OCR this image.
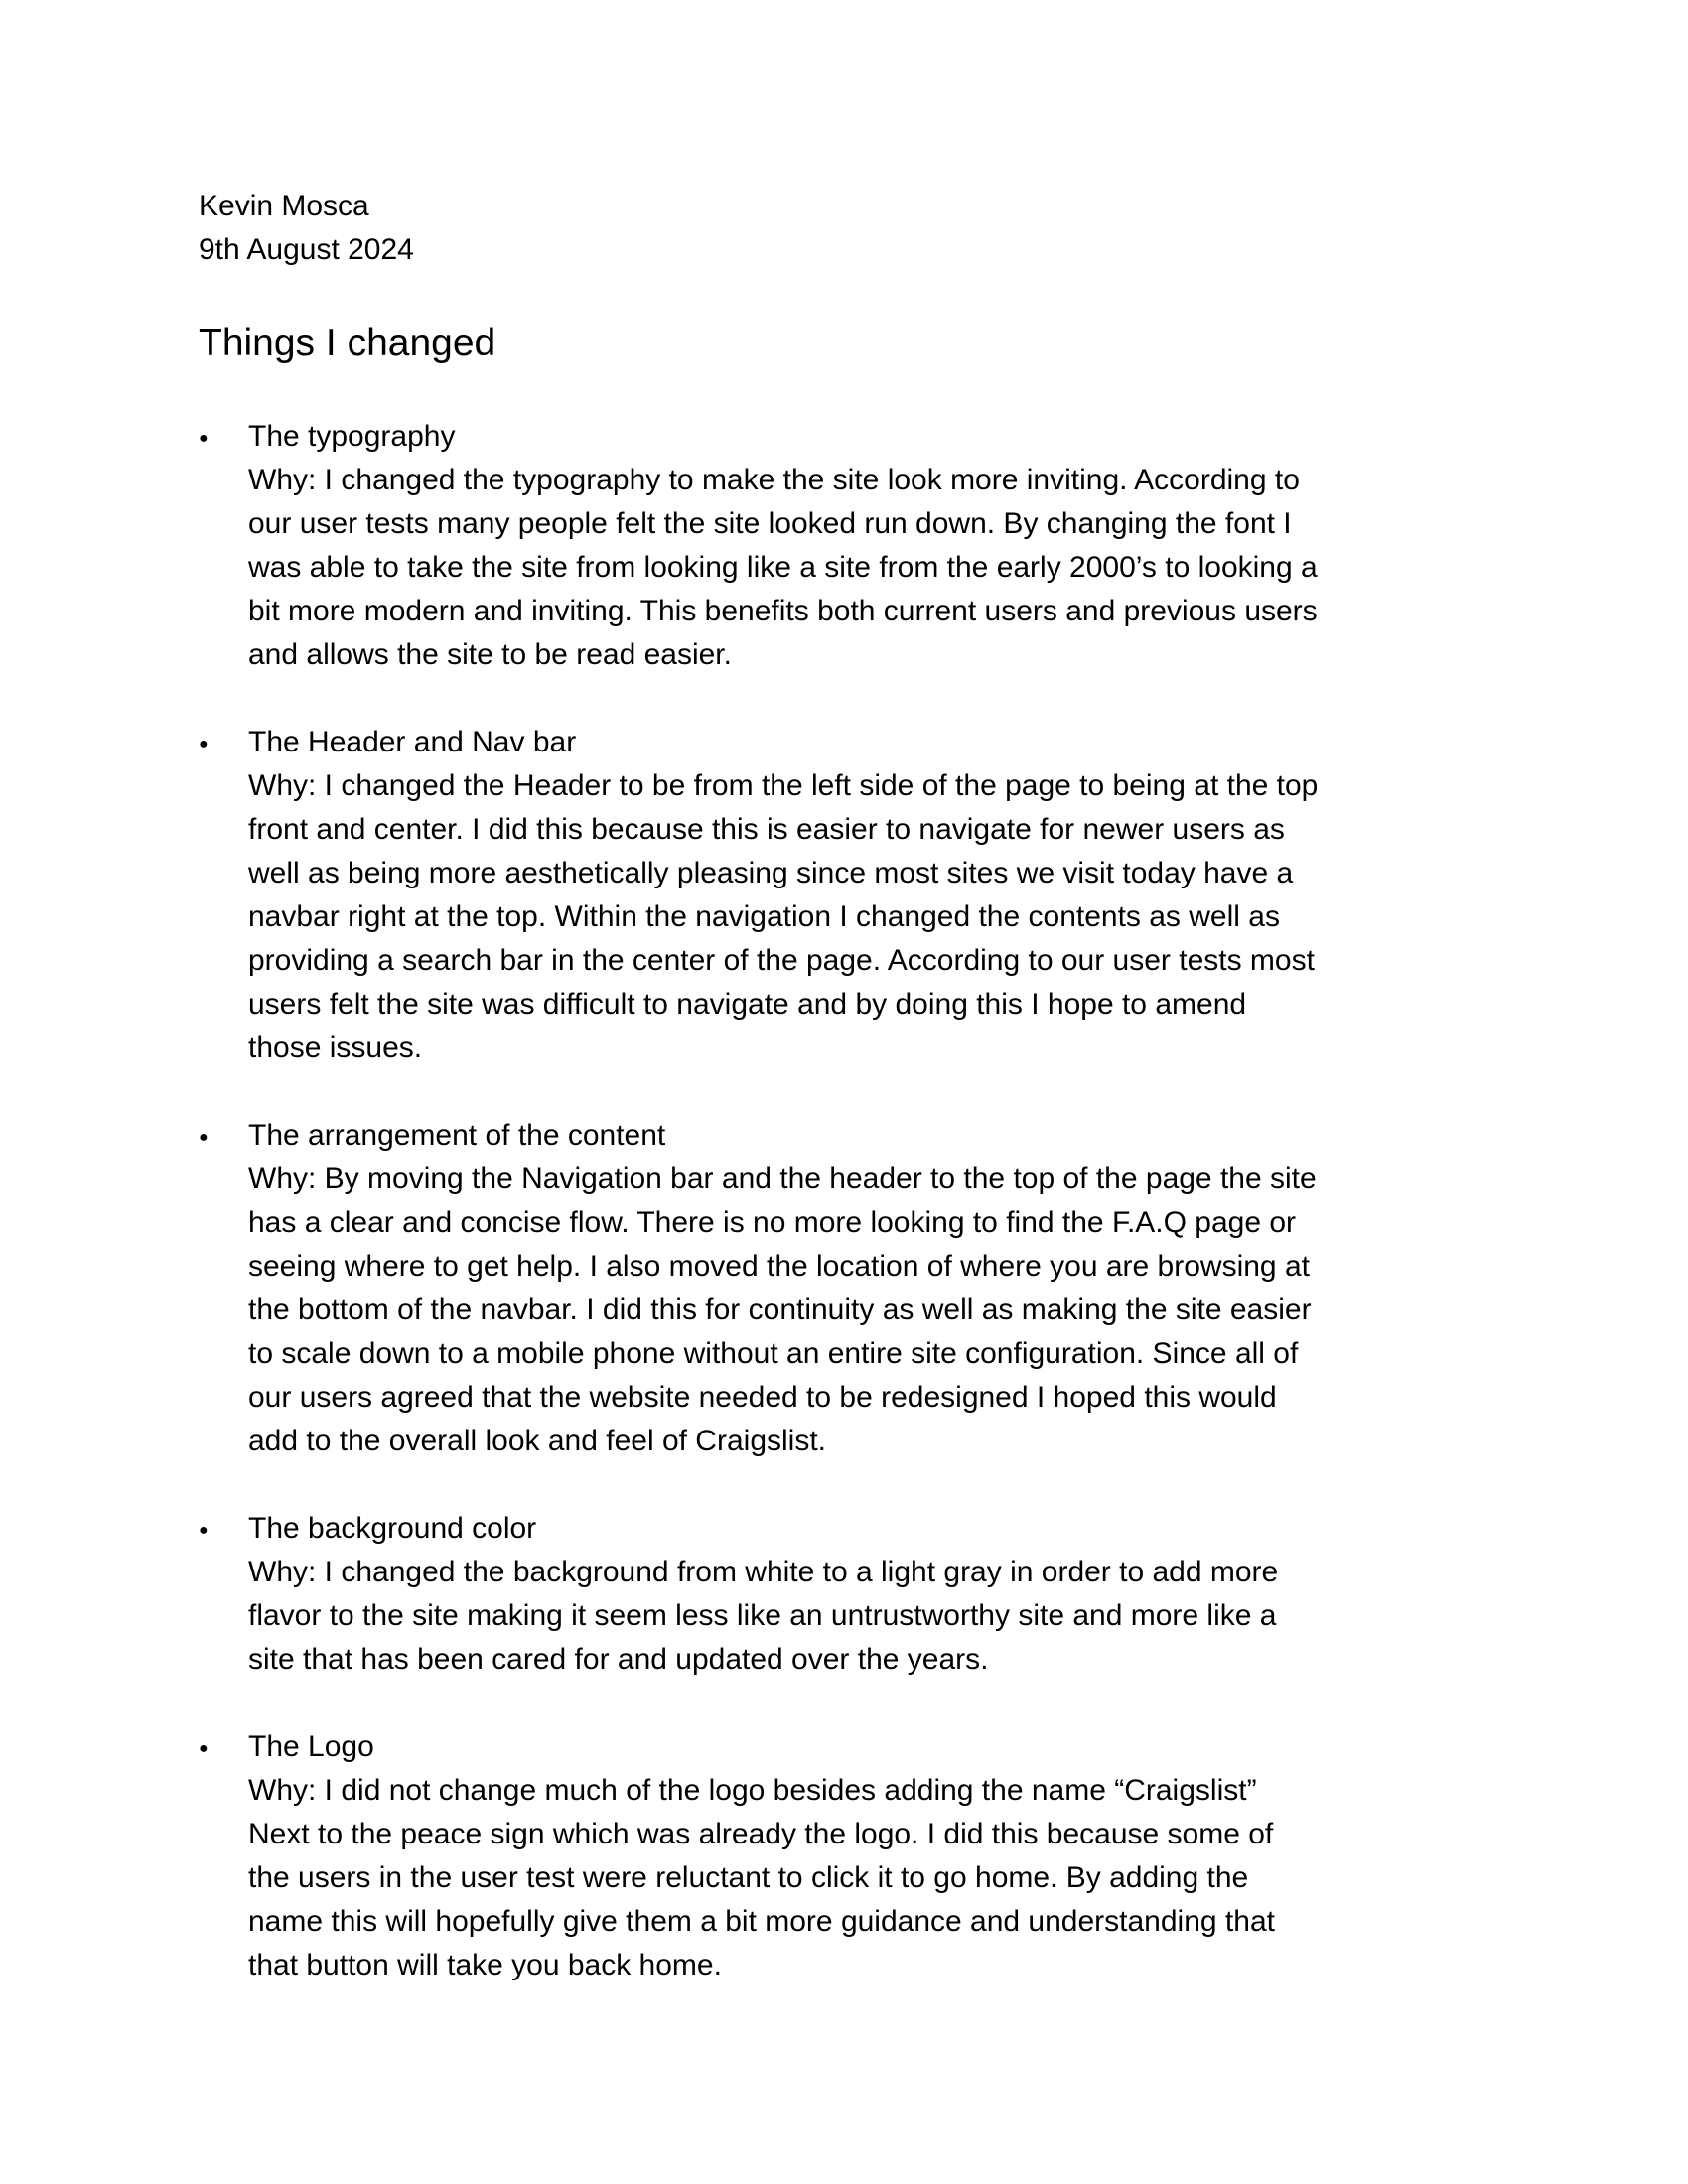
Kevin Mosca
9th August 2024
Things I changed
●	The typography
Why: I changed the typography to make the site look more inviting. According to
our user tests many people felt the site looked run down. By changing the font I
was able to take the site from looking like a site from the early 2000’s to looking a
bit more modern and inviting. This benefits both current users and previous users
and allows the site to be read easier.
●	The Header and Nav bar
Why: I changed the Header to be from the left side of the page to being at the top
front and center. I did this because this is easier to navigate for newer users as
well as being more aesthetically pleasing since most sites we visit today have a
navbar right at the top. Within the navigation I changed the contents as well as
providing a search bar in the center of the page. According to our user tests most
users felt the site was difficult to navigate and by doing this I hope to amend
those issues.
●	The arrangement of the content
Why: By moving the Navigation bar and the header to the top of the page the site
has a clear and concise flow. There is no more looking to find the F.A.Q page or
seeing where to get help. I also moved the location of where you are browsing at
the bottom of the navbar. I did this for continuity as well as making the site easier
to scale down to a mobile phone without an entire site configuration. Since all of
our users agreed that the website needed to be redesigned I hoped this would
add to the overall look and feel of Craigslist.
●	The background color
Why: I changed the background from white to a light gray in order to add more
flavor to the site making it seem less like an untrustworthy site and more like a
site that has been cared for and updated over the years.
●	The Logo
Why: I did not change much of the logo besides adding the name “Craigslist”
Next to the peace sign which was already the logo. I did this because some of
the users in the user test were reluctant to click it to go home. By adding the
name this will hopefully give them a bit more guidance and understanding that
that button will take you back home.
